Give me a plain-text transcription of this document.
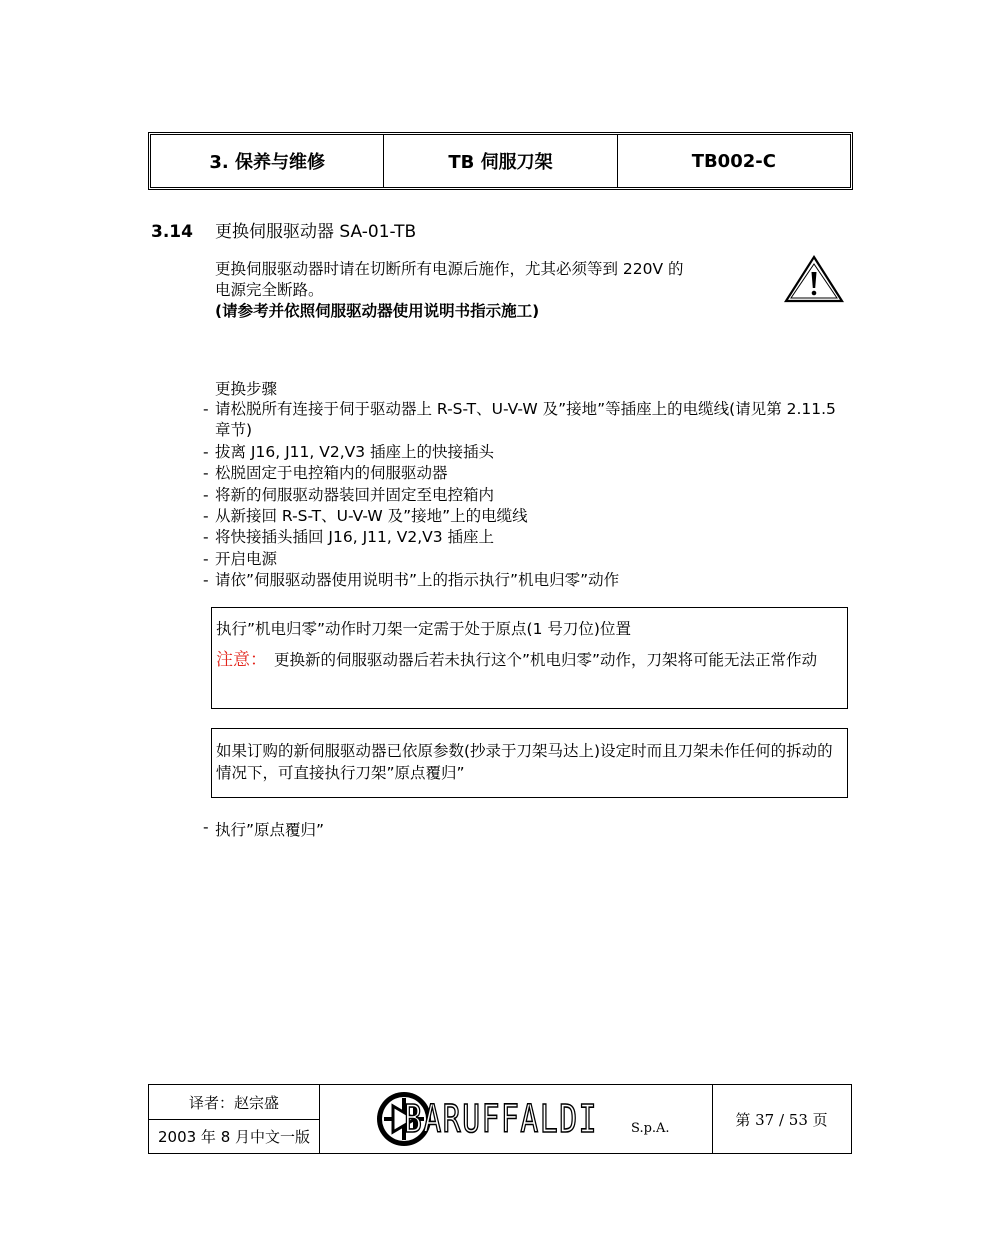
3. 保养与维修	TB 伺服刀架	TB002-C
3.14 更换伺服驱动器 SA-01-TB
更换伺服驱动器时请在切断所有电源后施作，尤其必须等到 220V 的
电源完全断路。
(请参考并依照伺服驱动器使用说明书指示施工)
更换步骤
- 请松脱所有连接于伺于驱动器上 R-S-T、U-V-W 及”接地”等插座上的电缆线(请见第 2.11.5 章节)
- 拔离 J16, J11, V2,V3 插座上的快接插头
- 松脱固定于电控箱内的伺服驱动器
- 将新的伺服驱动器装回并固定至电控箱内
- 从新接回 R-S-T、U-V-W 及”接地”上的电缆线
- 将快接插头插回 J16, J11, V2,V3 插座上
- 开启电源
- 请依”伺服驱动器使用说明书”上的指示执行”机电归零”动作

执行”机电归零”动作时刀架一定需于处于原点(1 号刀位)位置

注意： 更换新的伺服驱动器后若未执行这个”机电归零”动作，刀架将可能无法正常作动
如果订购的新伺服驱动器已依原参数(抄录于刀架马达上)设定时而且刀架未作任何的拆动的情况下，可直接执行刀架”原点覆归”
- 执行”原点覆归”
译者：赵宗盛
2003 年 8 月中文一版 BARUFFALDI	S.p.A.	第 37 / 53 页
